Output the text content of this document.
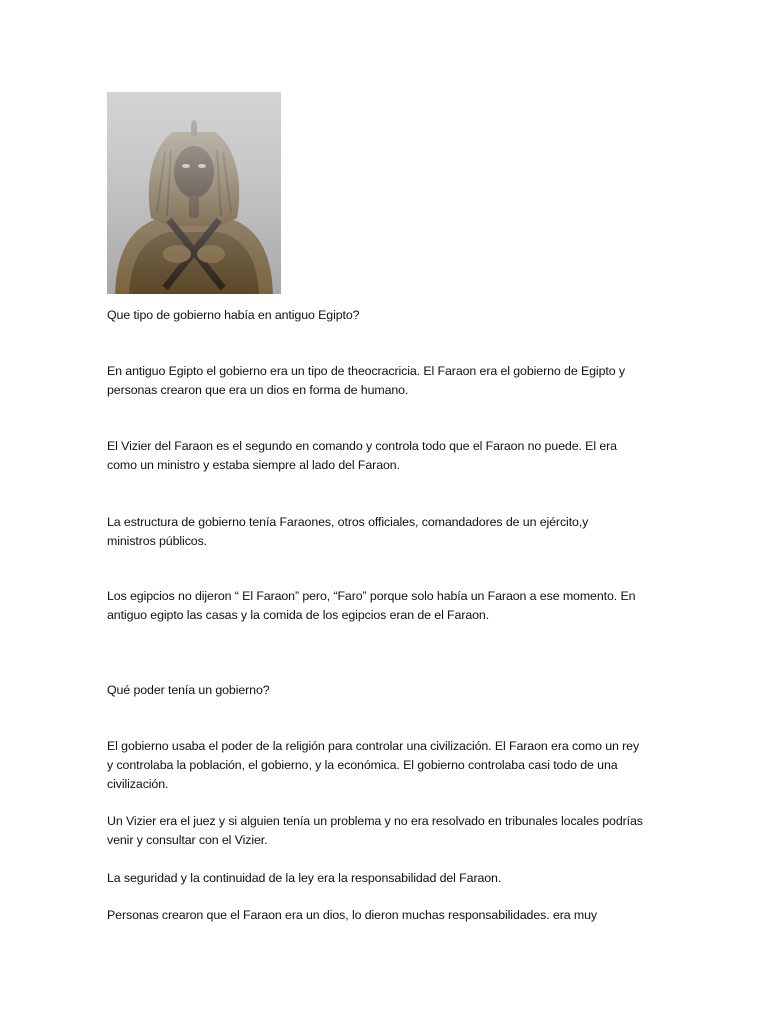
Que tipo de gobierno había en antiguo Egipto?
En antiguo Egipto el gobierno era un tipo de theocracricia. El Faraon era el gobierno de Egipto y
personas crearon que era un dios en forma de humano.
El Vizier del Faraon es el segundo en comando y controla todo que el Faraon no puede. El era
como un ministro y estaba siempre al lado del Faraon.
La estructura de gobierno tenía Faraones, otros officiales, comandadores de un ejército,y
ministros públicos.
Los egipcios no dijeron “ El Faraon” pero, “Faro” porque solo había un Faraon a ese momento. En
antiguo egipto las casas y la comida de los egipcios eran de el Faraon.
Qué poder tenía un gobierno?
El gobierno usaba el poder de la religión para controlar una civilización. El Faraon era como un rey
y controlaba la población, el gobierno, y la económica. El gobierno controlaba casi todo de una
civilización.
Un Vizier era el juez y si alguien tenía un problema y no era resolvado en tribunales locales podrías
venir y consultar con el Vizier.
La seguridad y la continuidad de la ley era la responsabilidad del Faraon.
Personas crearon que el Faraon era un dios, lo dieron muchas responsabilidades. era muy
